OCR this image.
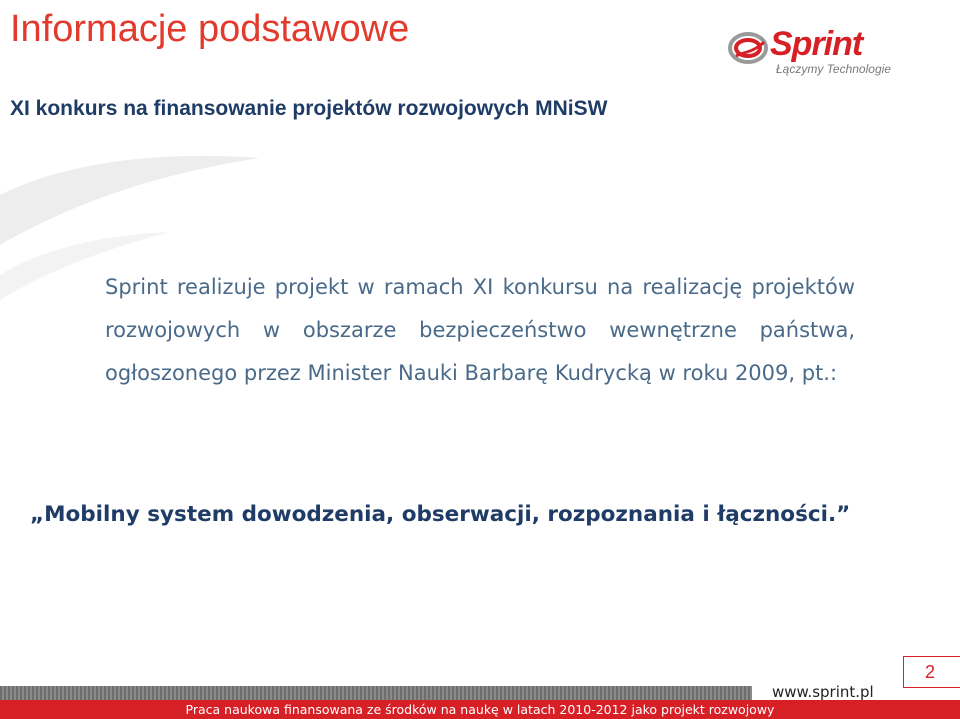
Informacje podstawowe	Sprint
Łączymy Technologie
XI konkurs na finansowanie projektów rozwojowych MNiSW

Sprint realizuje projekt w ramach XI konkursu na realizację projektów rozwojowych w obszarze bezpieczeństwo wewnętrzne państwa, ogłoszonego przez Minister Nauki Barbarę Kudrycką w roku 2009, pt.:

„Mobilny system dowodzenia, obserwacji, rozpoznania i łączności.”

2
www.sprint.pl
Praca naukowa finansowana ze środków na naukę w latach 2010-2012 jako projekt rozwojowy
